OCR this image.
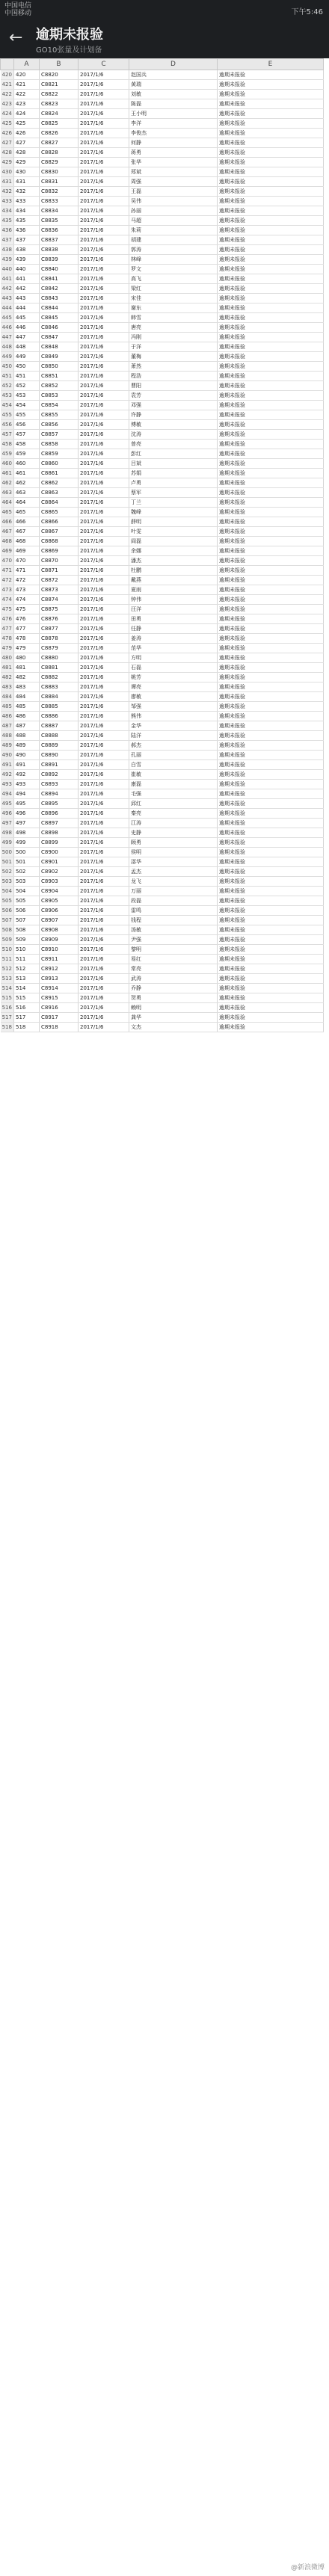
中国电信
中国移动	下午5:46
← 逾期未报验
GO10张量及计划备
	A	B	C	D	E
420	420	C8820	2017/1/6	赵国兵	逾期未报验
421	421	C8821	2017/1/6	黄瑞	逾期未报验
422	422	C8822	2017/1/6	刘敏	逾期未报验
423	423	C8823	2017/1/6	陈磊	逾期未报验
424	424	C8824	2017/1/6	王小明	逾期未报验
425	425	C8825	2017/1/6	李洋	逾期未报验
426	426	C8826	2017/1/6	李俊杰	逾期未报验
427	427	C8827	2017/1/6	何静	逾期未报验
428	428	C8828	2017/1/6	蒋勇	逾期未报验
429	429	C8829	2017/1/6	张华	逾期未报验
430	430	C8830	2017/1/6	郑斌	逾期未报验
431	431	C8831	2017/1/6	周强	逾期未报验
432	432	C8832	2017/1/6	王磊	逾期未报验
433	433	C8833	2017/1/6	吴伟	逾期未报验
434	434	C8834	2017/1/6	孙丽	逾期未报验
435	435	C8835	2017/1/6	马超	逾期未报验
436	436	C8836	2017/1/6	朱莉	逾期未报验
437	437	C8837	2017/1/6	胡建	逾期未报验
438	438	C8838	2017/1/6	郭涛	逾期未报验
439	439	C8839	2017/1/6	林峰	逾期未报验
440	440	C8840	2017/1/6	罗文	逾期未报验
441	441	C8841	2017/1/6	高飞	逾期未报验
442	442	C8842	2017/1/6	梁红	逾期未报验
443	443	C8843	2017/1/6	宋佳	逾期未报验
444	444	C8844	2017/1/6	谢东	逾期未报验
445	445	C8845	2017/1/6	韩雪	逾期未报验
446	446	C8846	2017/1/6	唐亮	逾期未报验
447	447	C8847	2017/1/6	冯刚	逾期未报验
448	448	C8848	2017/1/6	于洋	逾期未报验
449	449	C8849	2017/1/6	董梅	逾期未报验
450	450	C8850	2017/1/6	萧然	逾期未报验
451	451	C8851	2017/1/6	程浩	逾期未报验
452	452	C8852	2017/1/6	曹阳	逾期未报验
453	453	C8853	2017/1/6	袁芳	逾期未报验
454	454	C8854	2017/1/6	邓强	逾期未报验
455	455	C8855	2017/1/6	许静	逾期未报验
456	456	C8856	2017/1/6	傅敏	逾期未报验
457	457	C8857	2017/1/6	沈涛	逾期未报验
458	458	C8858	2017/1/6	曾亮	逾期未报验
459	459	C8859	2017/1/6	彭红	逾期未报验
460	460	C8860	2017/1/6	吕斌	逾期未报验
461	461	C8861	2017/1/6	苏娟	逾期未报验
462	462	C8862	2017/1/6	卢勇	逾期未报验
463	463	C8863	2017/1/6	蔡军	逾期未报验
464	464	C8864	2017/1/6	丁兰	逾期未报验
465	465	C8865	2017/1/6	魏峰	逾期未报验
466	466	C8866	2017/1/6	薛明	逾期未报验
467	467	C8867	2017/1/6	叶雯	逾期未报验
468	468	C8868	2017/1/6	阎磊	逾期未报验
469	469	C8869	2017/1/6	余娜	逾期未报验
470	470	C8870	2017/1/6	潘杰	逾期未报验
471	471	C8871	2017/1/6	杜鹏	逾期未报验
472	472	C8872	2017/1/6	戴燕	逾期未报验
473	473	C8873	2017/1/6	夏雨	逾期未报验
474	474	C8874	2017/1/6	钟伟	逾期未报验
475	475	C8875	2017/1/6	汪洋	逾期未报验
476	476	C8876	2017/1/6	田勇	逾期未报验
477	477	C8877	2017/1/6	任静	逾期未报验
478	478	C8878	2017/1/6	姜涛	逾期未报验
479	479	C8879	2017/1/6	范华	逾期未报验
480	480	C8880	2017/1/6	方明	逾期未报验
481	481	C8881	2017/1/6	石磊	逾期未报验
482	482	C8882	2017/1/6	姚芳	逾期未报验
483	483	C8883	2017/1/6	谭亮	逾期未报验
484	484	C8884	2017/1/6	廖敏	逾期未报验
485	485	C8885	2017/1/6	邹强	逾期未报验
486	486	C8886	2017/1/6	熊伟	逾期未报验
487	487	C8887	2017/1/6	金华	逾期未报验
488	488	C8888	2017/1/6	陆洋	逾期未报验
489	489	C8889	2017/1/6	郝杰	逾期未报验
490	490	C8890	2017/1/6	孔丽	逾期未报验
491	491	C8891	2017/1/6	白雪	逾期未报验
492	492	C8892	2017/1/6	崔敏	逾期未报验
493	493	C8893	2017/1/6	康磊	逾期未报验
494	494	C8894	2017/1/6	毛强	逾期未报验
495	495	C8895	2017/1/6	邱红	逾期未报验
496	496	C8896	2017/1/6	秦亮	逾期未报验
497	497	C8897	2017/1/6	江涛	逾期未报验
498	498	C8898	2017/1/6	史静	逾期未报验
499	499	C8899	2017/1/6	顾勇	逾期未报验
500	500	C8900	2017/1/6	侯明	逾期未报验
501	501	C8901	2017/1/6	邵华	逾期未报验
502	502	C8902	2017/1/6	孟杰	逾期未报验
503	503	C8903	2017/1/6	龙飞	逾期未报验
504	504	C8904	2017/1/6	万丽	逾期未报验
505	505	C8905	2017/1/6	段磊	逾期未报验
506	506	C8906	2017/1/6	雷鸣	逾期未报验
507	507	C8907	2017/1/6	钱程	逾期未报验
508	508	C8908	2017/1/6	汤敏	逾期未报验
509	509	C8909	2017/1/6	尹强	逾期未报验
510	510	C8910	2017/1/6	黎明	逾期未报验
511	511	C8911	2017/1/6	易红	逾期未报验
512	512	C8912	2017/1/6	常亮	逾期未报验
513	513	C8913	2017/1/6	武涛	逾期未报验
514	514	C8914	2017/1/6	乔静	逾期未报验
515	515	C8915	2017/1/6	贺勇	逾期未报验
516	516	C8916	2017/1/6	赖明	逾期未报验
517	517	C8917	2017/1/6	龚华	逾期未报验
518	518	C8918	2017/1/6	文杰	逾期未报验
@新浪微博
